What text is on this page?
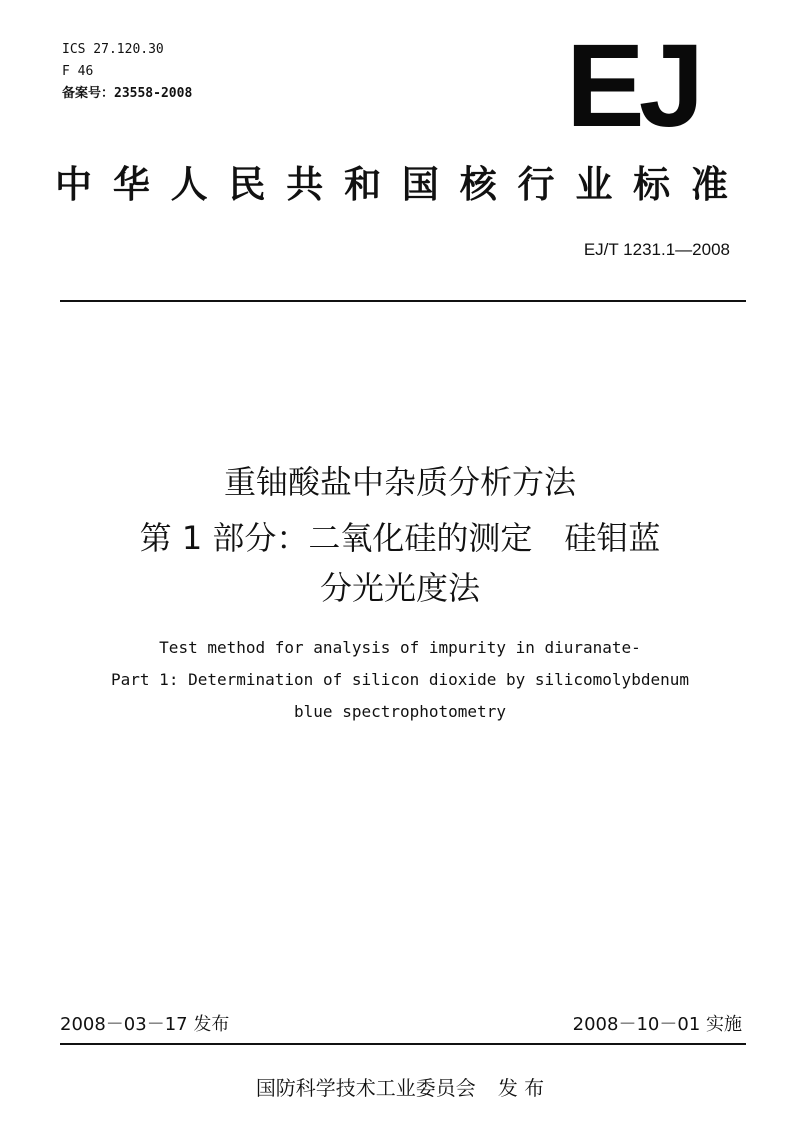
ICS 27.120.30
F 46
备案号：23558-2008	EJ
中华人民共和国核行业标准
EJ/T 1231.1—2008
重铀酸盐中杂质分析方法
第 1 部分：二氧化硅的测定　硅钼蓝
分光光度法
Test method for analysis of impurity in diuranate-
Part 1: Determination of silicon dioxide by silicomolybdenum
blue spectrophotometry
2008－03－17 发布	2008－10－01 实施
国防科学技术工业委员会 发 布
